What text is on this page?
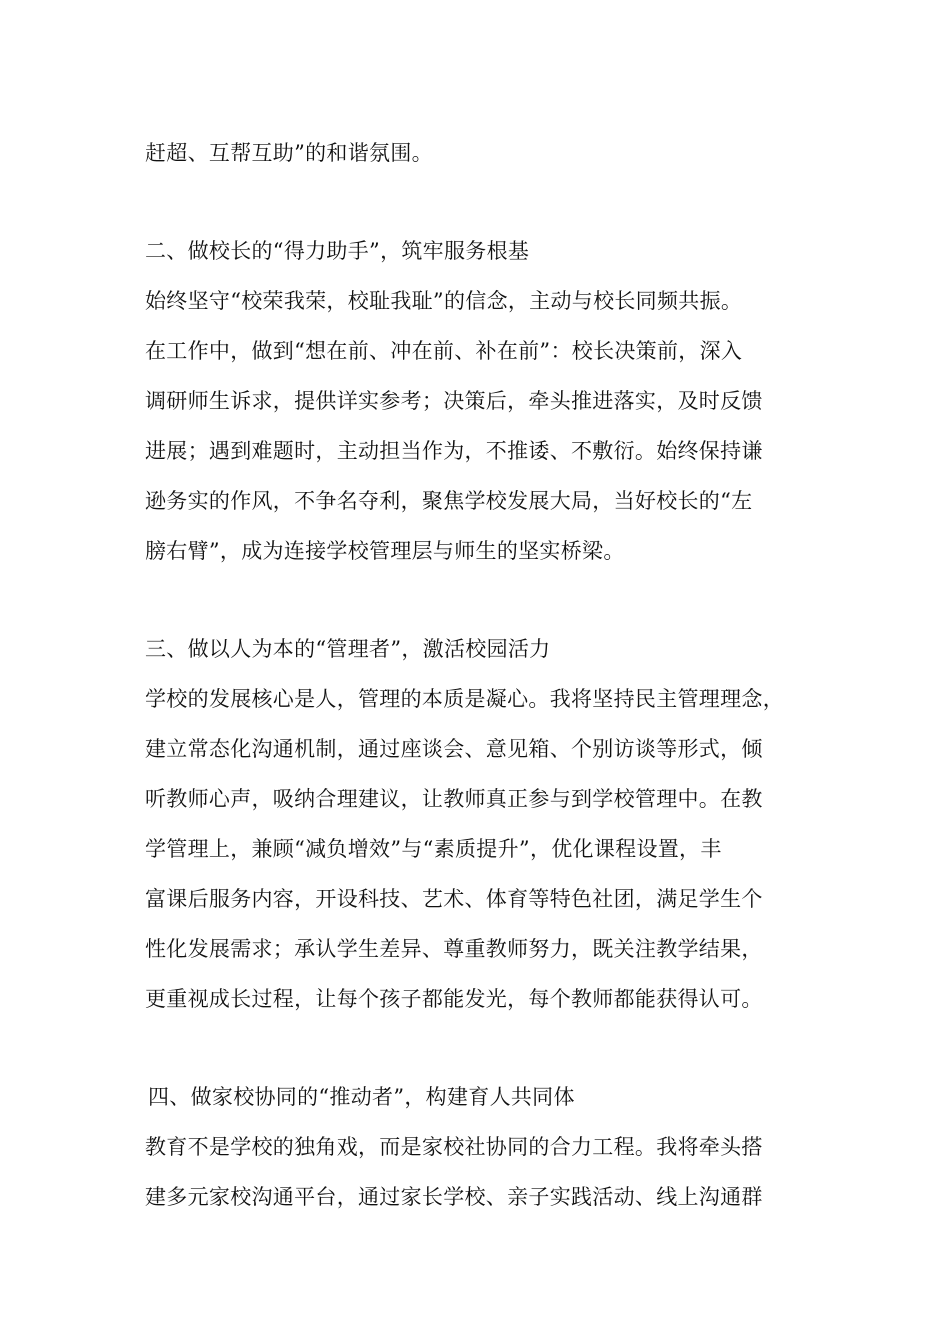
赶超、互帮互助”的和谐氛围。
二、做校长的“得力助手”，筑牢服务根基
始终坚守“校荣我荣，校耻我耻”的信念，主动与校长同频共振。
在工作中，做到“想在前、冲在前、补在前”：校长决策前，深入
调研师生诉求，提供详实参考；决策后，牵头推进落实，及时反馈
进展；遇到难题时，主动担当作为，不推诿、不敷衍。始终保持谦
逊务实的作风，不争名夺利，聚焦学校发展大局，当好校长的“左
膀右臂”，成为连接学校管理层与师生的坚实桥梁。
三、做以人为本的“管理者”，激活校园活力
学校的发展核心是人，管理的本质是凝心。我将坚持民主管理理念，
建立常态化沟通机制，通过座谈会、意见箱、个别访谈等形式，倾
听教师心声，吸纳合理建议，让教师真正参与到学校管理中。在教
学管理上，兼顾“减负增效”与“素质提升”，优化课程设置，丰
富课后服务内容，开设科技、艺术、体育等特色社团，满足学生个
性化发展需求；承认学生差异、尊重教师努力，既关注教学结果，
更重视成长过程，让每个孩子都能发光，每个教师都能获得认可。
四、做家校协同的“推动者”，构建育人共同体
教育不是学校的独角戏，而是家校社协同的合力工程。我将牵头搭
建多元家校沟通平台，通过家长学校、亲子实践活动、线上沟通群
